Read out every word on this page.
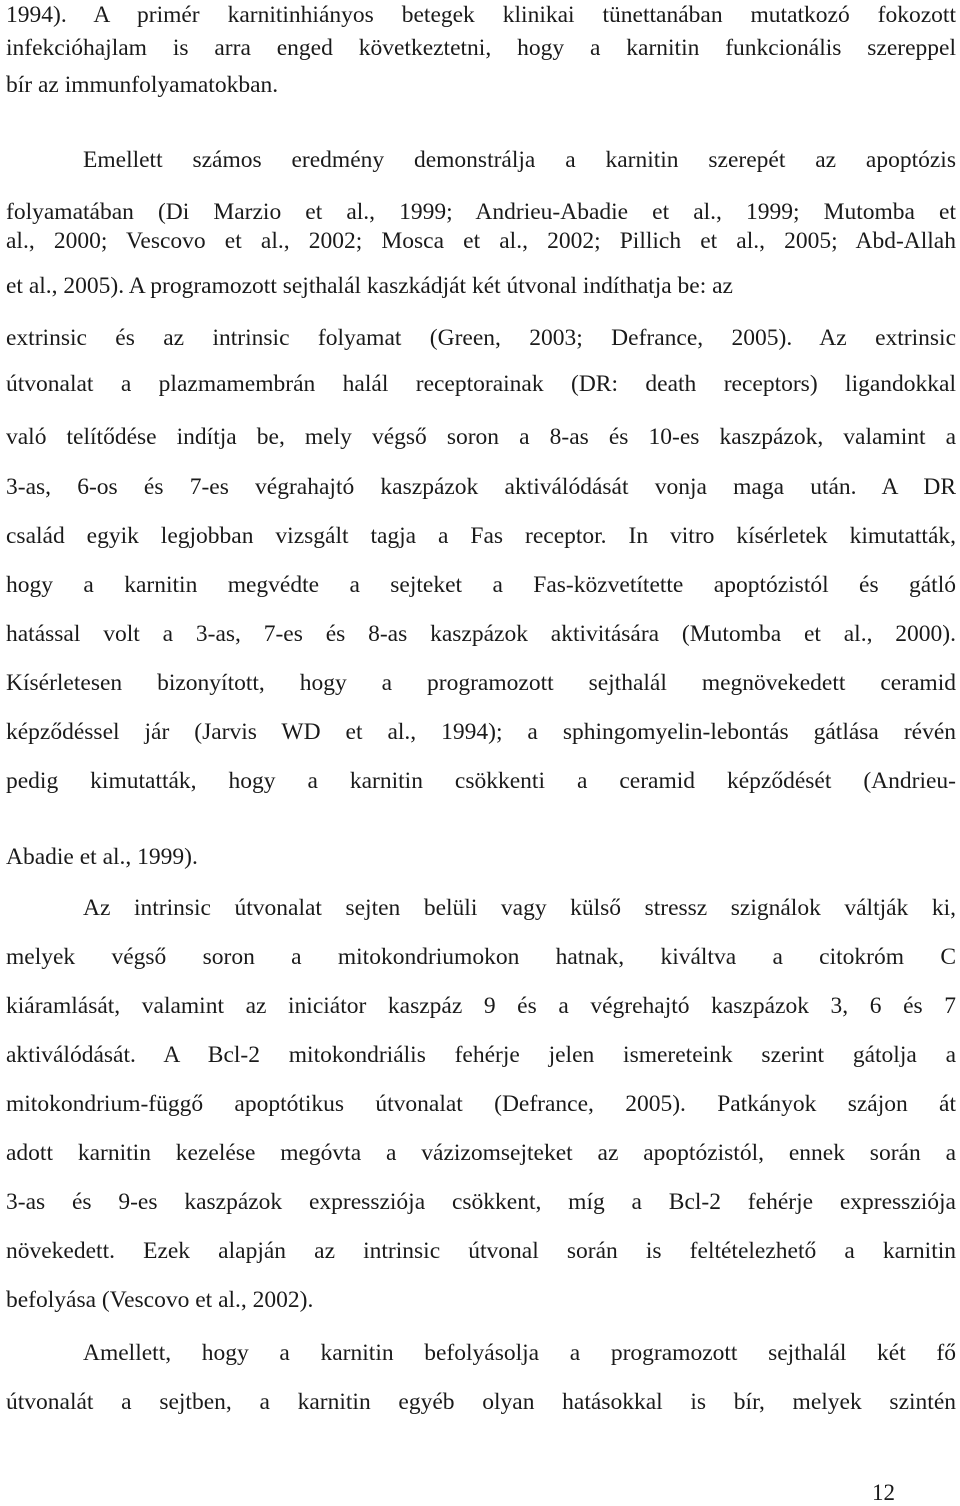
1994). A primér karnitinhiányos betegek klinikai tünettanában mutatkozó fokozott
infekcióhajlam is arra enged következtetni, hogy a karnitin funkcionális szereppel
bír az immunfolyamatokban.
Emellett számos eredmény demonstrálja a karnitin szerepét az apoptózis
folyamatában (Di Marzio et al., 1999; Andrieu-Abadie et al., 1999; Mutomba et
al., 2000; Vescovo et al., 2002; Mosca et al., 2002; Pillich et al., 2005; Abd-Allah
et al., 2005). A programozott sejthalál kaszkádját két útvonal indíthatja be: az
extrinsic és az intrinsic folyamat (Green, 2003; Defrance, 2005). Az extrinsic
útvonalat a plazmamembrán halál receptorainak (DR: death receptors) ligandokkal
való telítődése indítja be, mely végső soron a 8-as és 10-es kaszpázok, valamint a
3-as, 6-os és 7-es végrahajtó kaszpázok aktiválódását vonja maga után. A DR
család egyik legjobban vizsgált tagja a Fas receptor. In vitro kísérletek kimutatták,
hogy a karnitin megvédte a sejteket a Fas-közvetítette apoptózistól és gátló
hatással volt a 3-as, 7-es és 8-as kaszpázok aktivitására (Mutomba et al., 2000).
Kísérletesen bizonyított, hogy a programozott sejthalál megnövekedett ceramid
képződéssel jár (Jarvis WD et al., 1994); a sphingomyelin-lebontás gátlása révén
pedig kimutatták, hogy a karnitin csökkenti a ceramid képződését (Andrieu-
Abadie et al., 1999).
Az intrinsic útvonalat sejten belüli vagy külső stressz szignálok váltják ki,
melyek végső soron a mitokondriumokon hatnak, kiváltva a citokróm C
kiáramlását, valamint az iniciátor kaszpáz 9 és a végrehajtó kaszpázok 3, 6 és 7
aktiválódását. A Bcl-2 mitokondriális fehérje jelen ismereteink szerint gátolja a
mitokondrium-függő apoptótikus útvonalat (Defrance, 2005). Patkányok szájon át
adott karnitin kezelése megóvta a vázizomsejteket az apoptózistól, ennek során a
3-as és 9-es kaszpázok expressziója csökkent, míg a Bcl-2 fehérje expressziója
növekedett. Ezek alapján az intrinsic útvonal során is feltételezhető a karnitin
befolyása (Vescovo et al., 2002).
Amellett, hogy a karnitin befolyásolja a programozott sejthalál két fő
útvonalát a sejtben, a karnitin egyéb olyan hatásokkal is bír, melyek szintén
12
